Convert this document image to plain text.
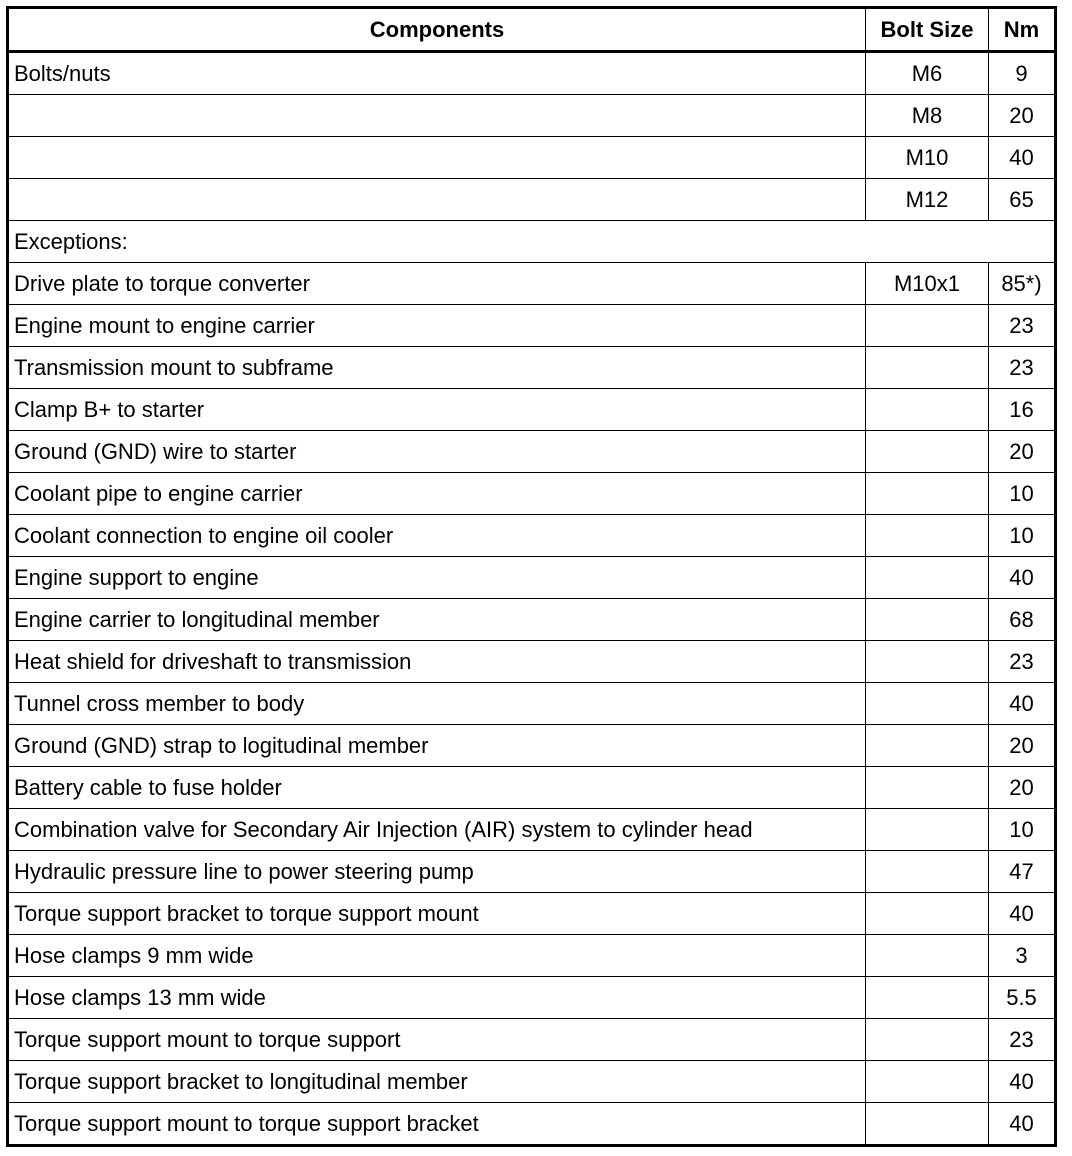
Components	Bolt Size	Nm
Bolts/nuts	M6	9
	M8	20
	M10	40
	M12	65
Exceptions:		
Drive plate to torque converter	M10x1	85*)
Engine mount to engine carrier		23
Transmission mount to subframe		23
Clamp B+ to starter		16
Ground (GND) wire to starter		20
Coolant pipe to engine carrier		10
Coolant connection to engine oil cooler		10
Engine support to engine		40
Engine carrier to longitudinal member		68
Heat shield for driveshaft to transmission		23
Tunnel cross member to body		40
Ground (GND) strap to logitudinal member		20
Battery cable to fuse holder		20
Combination valve for Secondary Air Injection (AIR) system to cylinder head		10
Hydraulic pressure line to power steering pump		47
Torque support bracket to torque support mount		40
Hose clamps 9 mm wide		3
Hose clamps 13 mm wide		5.5
Torque support mount to torque support		23
Torque support bracket to longitudinal member		40
Torque support mount to torque support bracket		40
